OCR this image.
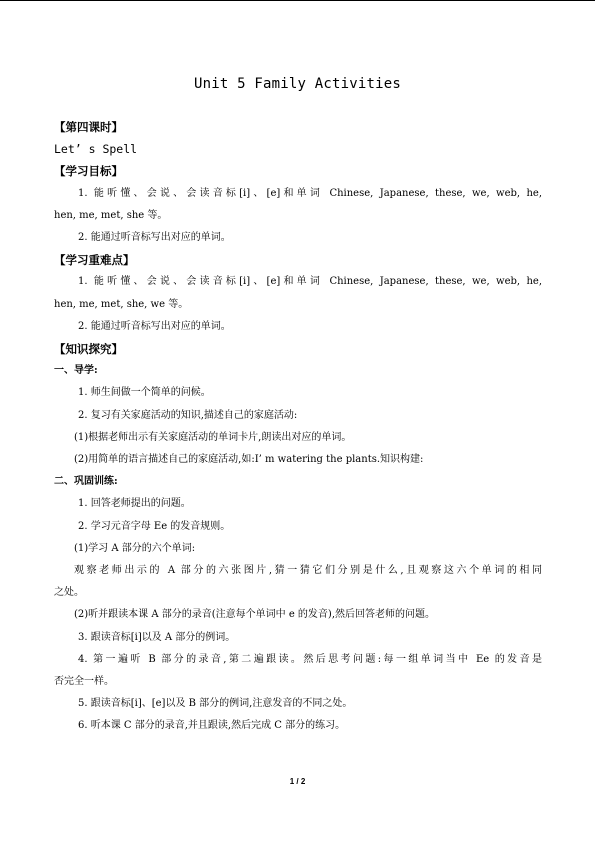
Unit 5 Family Activities
【第四课时】
Let’ s Spell
【学习目标】
1. 能听懂、会说、会读音标[i]、[e]和单词 Chinese, Japanese, these, we, web, he,
hen, me, met, she 等。
2. 能通过听音标写出对应的单词。
【学习重难点】
1. 能听懂、会说、会读音标[i]、[e]和单词 Chinese, Japanese, these, we, web, he,
hen, me, met, she, we 等。
2. 能通过听音标写出对应的单词。
【知识探究】
一、导学:
1. 师生间做一个简单的问候。
2. 复习有关家庭活动的知识,描述自己的家庭活动:
(1)根据老师出示有关家庭活动的单词卡片,朗读出对应的单词。
(2)用简单的语言描述自己的家庭活动,如:I’ m watering the plants.知识构建:
二、巩固训练:
1. 回答老师提出的问题。
2. 学习元音字母 Ee 的发音规则。
(1)学习 A 部分的六个单词:
观察老师出示的 A 部分的六张图片,猜一猜它们分别是什么,且观察这六个单词的相同
之处。
(2)听并跟读本课 A 部分的录音(注意每个单词中 e 的发音),然后回答老师的问题。
3. 跟读音标[i]以及 A 部分的例词。
4. 第一遍听 B 部分的录音,第二遍跟读。然后思考问题:每一组单词当中 Ee 的发音是
否完全一样。
5. 跟读音标[i]、[e]以及 B 部分的例词,注意发音的不同之处。
6. 听本课 C 部分的录音,并且跟读,然后完成 C 部分的练习。
1 / 2
